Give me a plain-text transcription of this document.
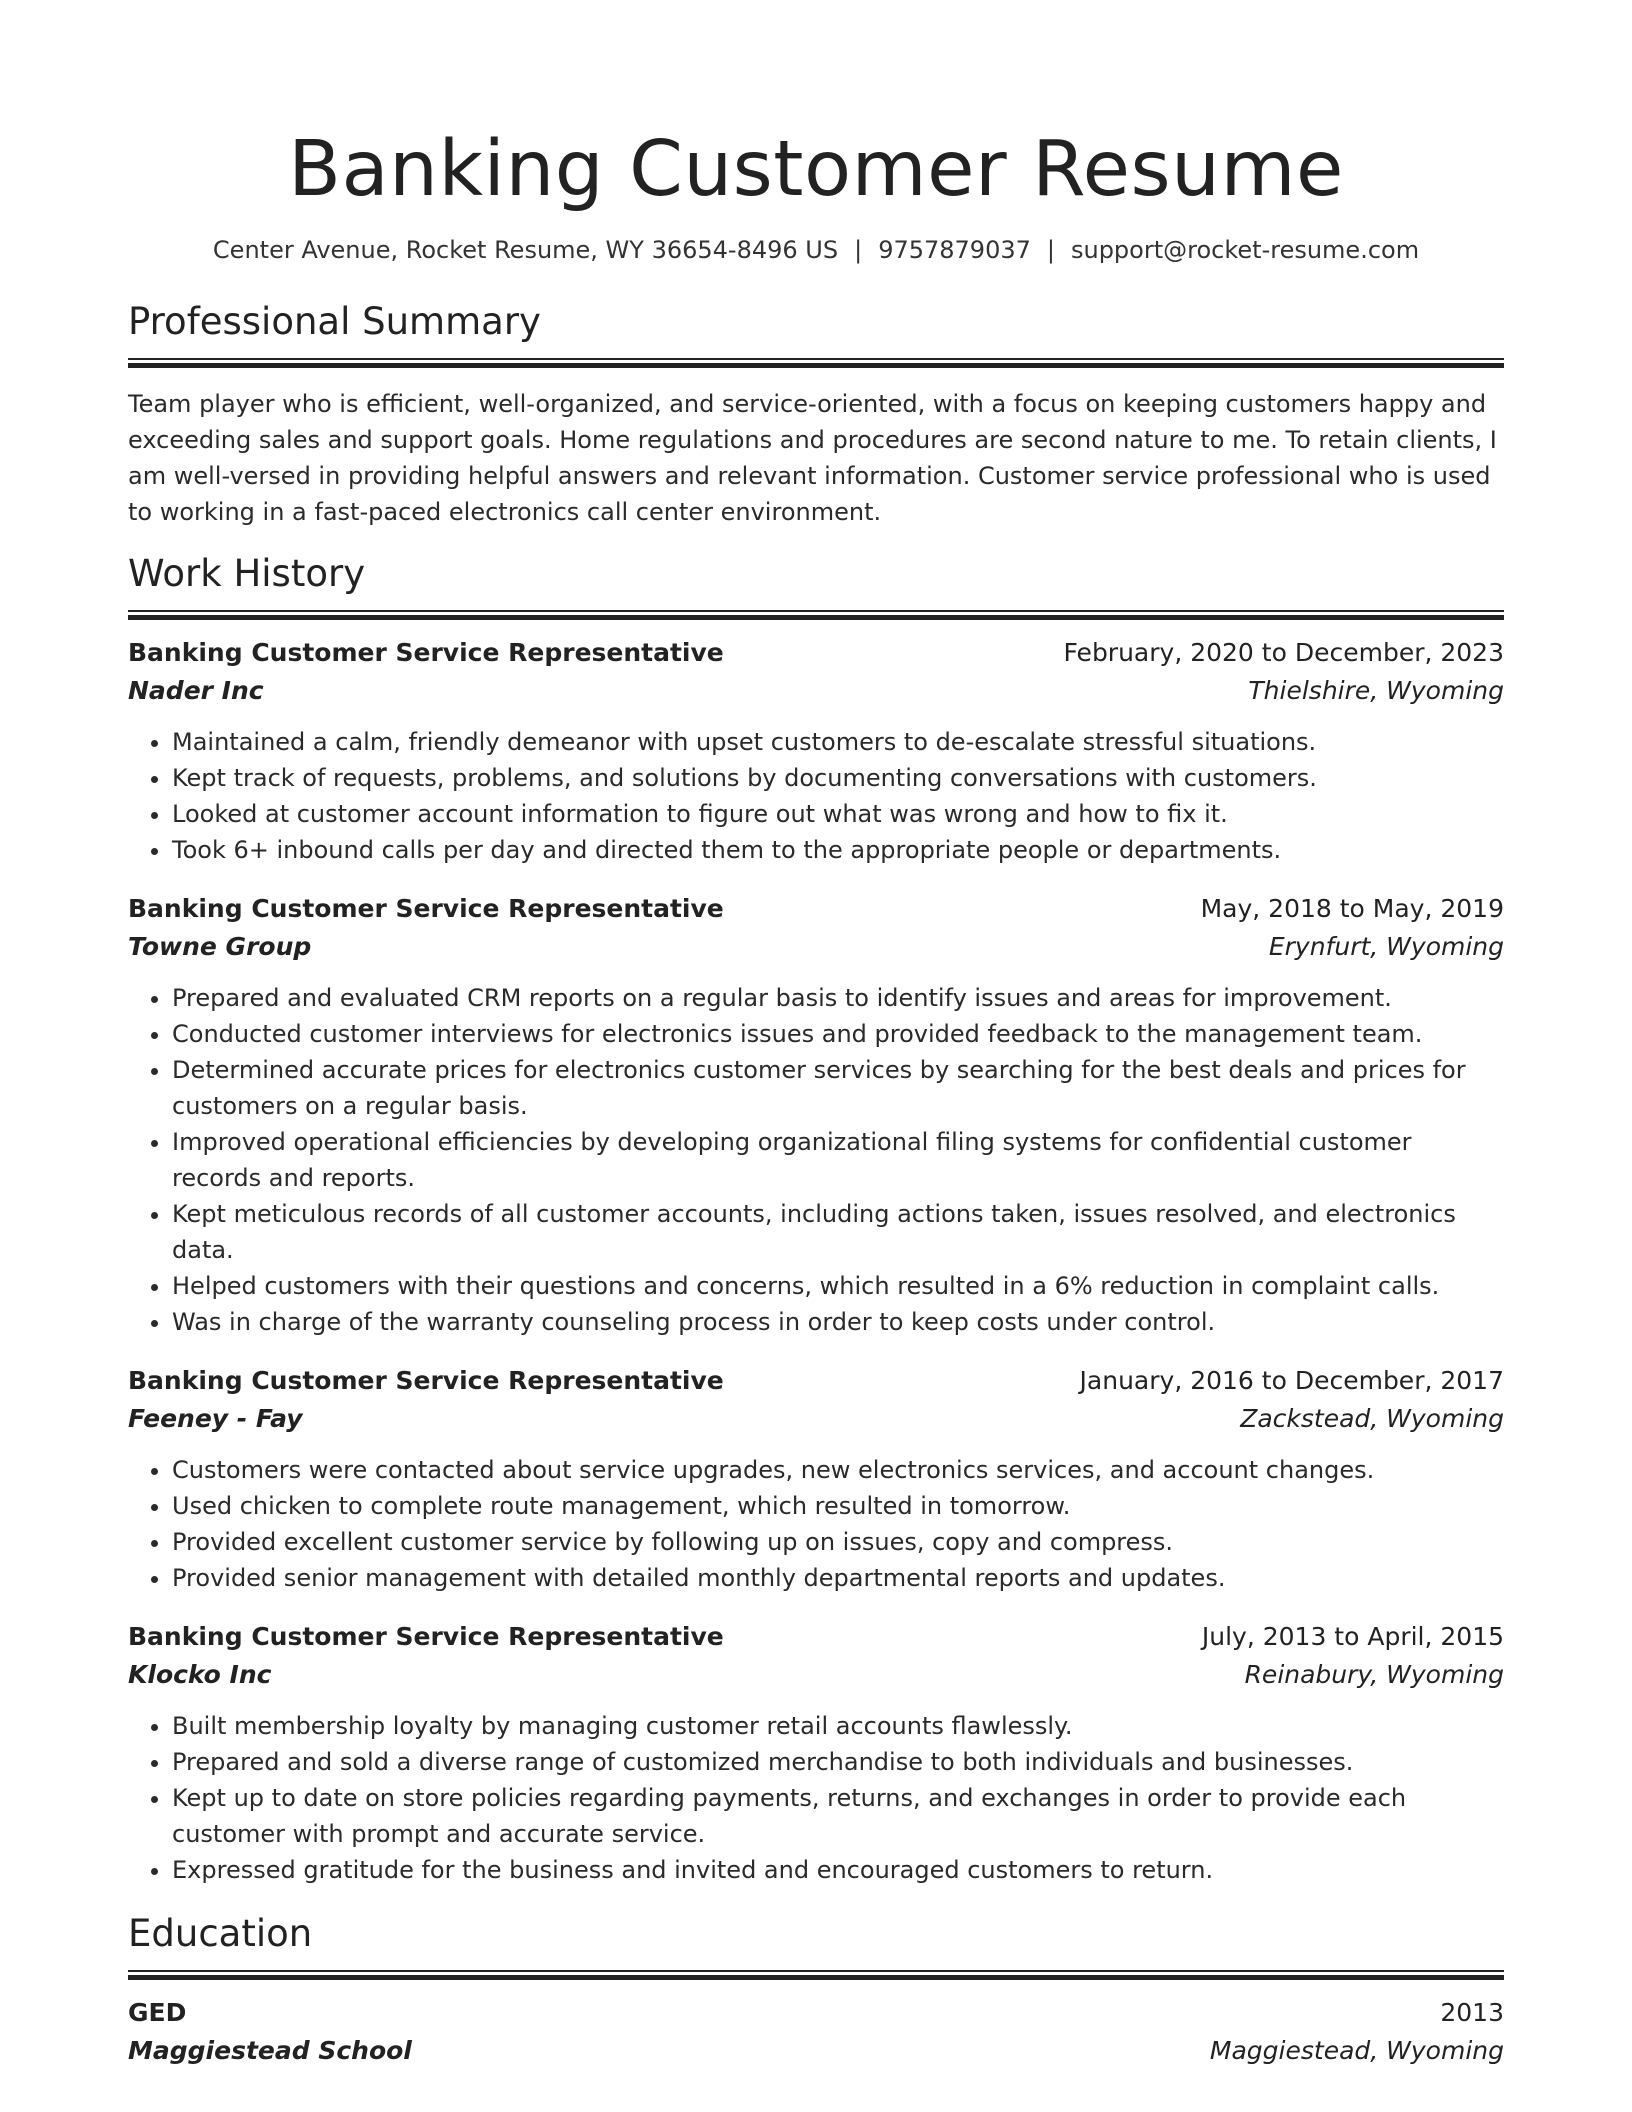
Banking Customer Resume
Center Avenue, Rocket Resume, WY 36654-8496 US | 9757879037 | support@rocket-resume.com
Professional Summary

Team player who is efficient, well-organized, and service-oriented, with a focus on keeping customers happy and exceeding sales and support goals. Home regulations and procedures are second nature to me. To retain clients, I am well-versed in providing helpful answers and relevant information. Customer service professional who is used to working in a fast-paced electronics call center environment.

Work History
Banking Customer Service Representative	February, 2020 to December, 2023
Nader Inc	Thielshire, Wyoming
• Maintained a calm, friendly demeanor with upset customers to de-escalate stressful situations.
• Kept track of requests, problems, and solutions by documenting conversations with customers.
• Looked at customer account information to figure out what was wrong and how to fix it.
• Took 6+ inbound calls per day and directed them to the appropriate people or departments.
Banking Customer Service Representative	May, 2018 to May, 2019
Towne Group	Erynfurt, Wyoming
• Prepared and evaluated CRM reports on a regular basis to identify issues and areas for improvement.
• Conducted customer interviews for electronics issues and provided feedback to the management team.
• Determined accurate prices for electronics customer services by searching for the best deals and prices for customers on a regular basis.
• Improved operational efficiencies by developing organizational filing systems for confidential customer records and reports.
• Kept meticulous records of all customer accounts, including actions taken, issues resolved, and electronics data.
• Helped customers with their questions and concerns, which resulted in a 6% reduction in complaint calls.
• Was in charge of the warranty counseling process in order to keep costs under control.
Banking Customer Service Representative	January, 2016 to December, 2017
Feeney - Fay	Zackstead, Wyoming
• Customers were contacted about service upgrades, new electronics services, and account changes.
• Used chicken to complete route management, which resulted in tomorrow.
• Provided excellent customer service by following up on issues, copy and compress.
• Provided senior management with detailed monthly departmental reports and updates.
Banking Customer Service Representative	July, 2013 to April, 2015
Klocko Inc	Reinabury, Wyoming
• Built membership loyalty by managing customer retail accounts flawlessly.
• Prepared and sold a diverse range of customized merchandise to both individuals and businesses.
• Kept up to date on store policies regarding payments, returns, and exchanges in order to provide each customer with prompt and accurate service.
• Expressed gratitude for the business and invited and encouraged customers to return.
Education
GED	2013
Maggiestead School	Maggiestead, Wyoming
